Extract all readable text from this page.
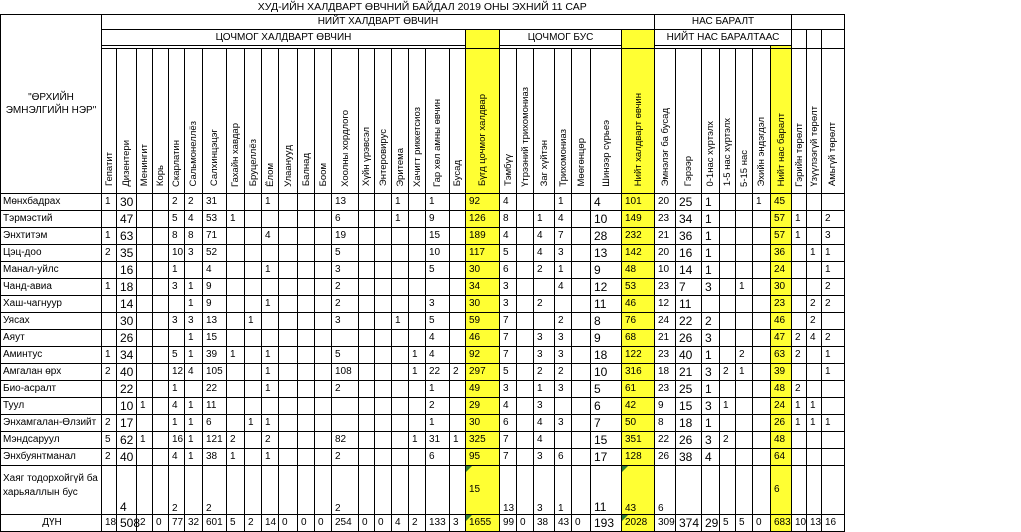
ХУД-ИЙН ХАЛДВАРТ ӨВЧНИЙ БАЙДАЛ 2019 ОНЫ ЭХНИЙ 11 САР																																						
"ӨРХИЙН ЭМНЭЛГИЙН НЭР"	НИЙТ ХАЛДВАРТ ӨВЧИН																												НАС БАРАЛТ									
	ЦОЧМОГ ХАЛДВАРТ ӨВЧИН																					ЦОЧМОГ БУС							НИЙТ НАС БАРАЛТААС									

	Гепатит	Дизентери	Менингит	Корь	Скарлатин	Сальмонеллёз	Салхинцэцэг	Гахайн хавдар	Бруцеллёз	Ёлом	Улаануyд	Балнад	Боом	Хоолны хордлого	Хүйн үрэвсэл	Энтеровирус	Эритема	Хачигт риккетсиоз	Гар хөл амны өвчин	Бусад	Бүгд цочмог халдвар	Тэмбүү	Үтрээний трихомониаз	Заг хүйтэн	Трихомониаз	Мөөгөнцөр	Шинээр сүрьеэ	Нийт халдварт өвчин	Эмнэлэг ба бусад	Гэрээр	0-1нас хүртэлх	1-5 нас хүртэлх	5-15 нас	Эхийн эндэгдэл	Нийт нас баралт	Гэрийн төрөлт	Үзүүлээгүй төрөлт	Амьгүй төрөлт
Мөнхбадрах	1	30			2	2	31			1				13			1		1		92	4			1		4	101	20	25	1			1	45			
Тэрмэстий		47			5	4	53	1						6			1		9		126	8		1	4		10	149	23	34	1				57	1		2
Энхтитэм	1	63			8	8	71			4				19					15		189	4		4	7		28	232	21	36	1				57	1		3
Цэц-доо	2	35			10	3	52							5					10		117	5		4	3		13	142	20	16	1				36		1	1
Манал-уйлс		16			1		4			1				3					5		30	6		2	1		9	48	10	14	1				24			1
Чанд-авиа	1	18			3	1	9							2							34	3			4		12	53	23	7	3		1		30			2
Хаш-чагнуур		14				1	9			1				2					3		30	3		2			11	46	12	11					23		2	2
Уясах		30			3	3	13		1					3			1		5		59	7			2		8	76	24	22	2				46		2	
Аяут		26				1	15												4		46	7		3	3		9	68	21	26	3				47	2	4	2
Аминтус	1	34			5	1	39	1		1				5				1	4		92	7		3	3		18	122	23	40	1		2		63	2		1
Амгалан өрх	2	40			12	4	105			1				108				1	22	2	297	5		2	2		10	316	18	21	3	2	1		39			1
Био-асралт		22			1		22			1				2					1		49	3		1	3		5	61	23	25	1				48	2		
Туул		10	1		4	1	11												2		29	4		3			6	42	9	15	3	1			24	1	1	
Энхамгалан-Өлзийт	2	17			1	1	6		1	1									1		30	6		4	3		7	50	8	18	1				26	1	1	1
Мэндсаруул	5	62	1		16	1	121	2		2				82				1	31	1	325	7		4			15	351	22	26	3	2			48			
Энхбуянтманал	2	40			4	1	38	1		1				2					6		95	7		3	6		17	128	26	38	4				64			
Хаяг тодорхойгүй ба харьяаллын бус		4			2		2							2							15	13		3	1		11	43	6						6			
ДҮН	18	508	2	0	77	32	601	5	2	14	0	0	0	254	0	0	4	2	133	3	1655	99	0	38	43	0	193	2028	309	374	29	5	5	0	683	10	13	16
